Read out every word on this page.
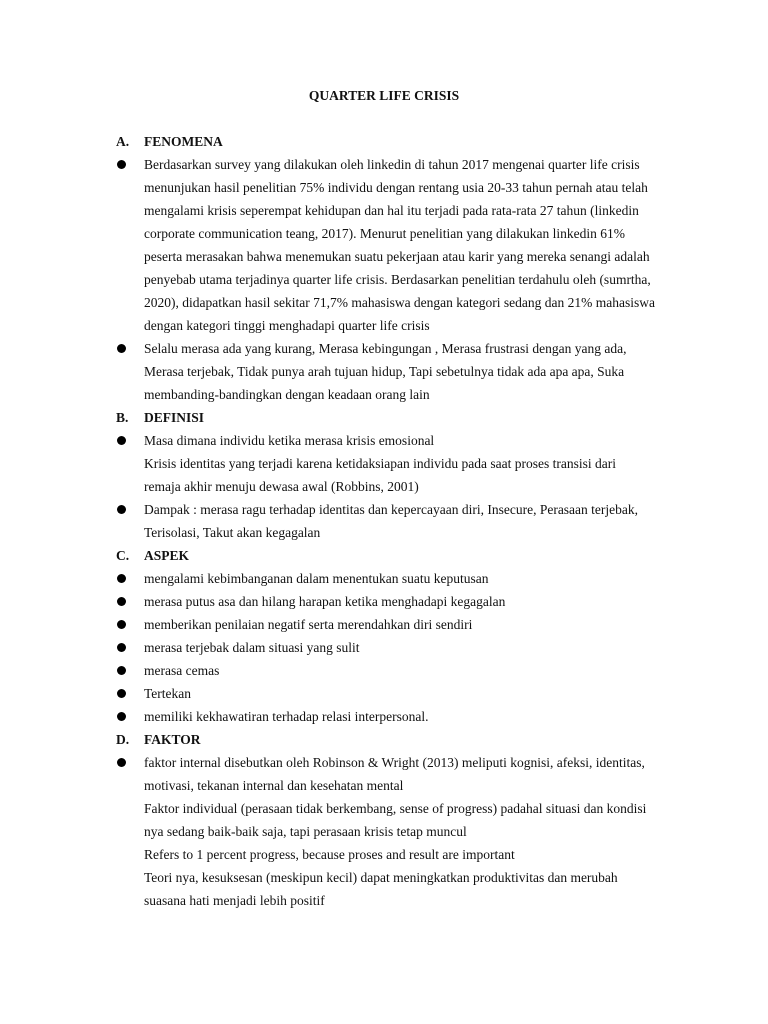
QUARTER LIFE CRISIS
A.	FENOMENA
Berdasarkan survey yang dilakukan oleh linkedin di tahun 2017 mengenai quarter life crisis menunjukan hasil penelitian 75% individu dengan rentang usia 20-33 tahun pernah atau telah mengalami krisis seperempat kehidupan dan hal itu terjadi pada rata-rata 27 tahun (linkedin corporate communication teang, 2017). Menurut penelitian yang dilakukan linkedin 61% peserta merasakan bahwa menemukan suatu pekerjaan atau karir yang mereka senangi adalah penyebab utama terjadinya quarter life crisis. Berdasarkan penelitian terdahulu oleh (sumrtha, 2020), didapatkan hasil sekitar 71,7% mahasiswa dengan kategori sedang dan 21% mahasiswa dengan kategori tinggi menghadapi quarter life crisis
Selalu merasa ada yang kurang, Merasa kebingungan , Merasa frustrasi dengan yang ada, Merasa terjebak, Tidak punya arah tujuan hidup, Tapi sebetulnya tidak ada apa apa, Suka membanding-bandingkan dengan keadaan orang lain
B.	DEFINISI
Masa dimana individu ketika merasa krisis emosional
Krisis identitas yang terjadi karena ketidaksiapan individu pada saat proses transisi dari remaja akhir menuju dewasa awal (Robbins, 2001)
Dampak : merasa ragu terhadap identitas dan kepercayaan diri, Insecure, Perasaan terjebak, Terisolasi, Takut akan kegagalan
C.	ASPEK
mengalami kebimbanganan dalam menentukan suatu keputusan
merasa putus asa dan hilang harapan ketika menghadapi kegagalan
memberikan penilaian negatif serta merendahkan diri sendiri
merasa terjebak dalam situasi yang sulit
merasa cemas
Tertekan
memiliki kekhawatiran terhadap relasi interpersonal.
D.	FAKTOR
faktor internal disebutkan oleh Robinson & Wright (2013) meliputi kognisi, afeksi, identitas, motivasi, tekanan internal dan kesehatan mental
Faktor individual (perasaan tidak berkembang, sense of progress) padahal situasi dan kondisi nya sedang baik-baik saja, tapi perasaan krisis tetap muncul
Refers to 1 percent progress, because proses and result are important
Teori nya, kesuksesan (meskipun kecil) dapat meningkatkan produktivitas dan merubah suasana hati menjadi lebih positif
